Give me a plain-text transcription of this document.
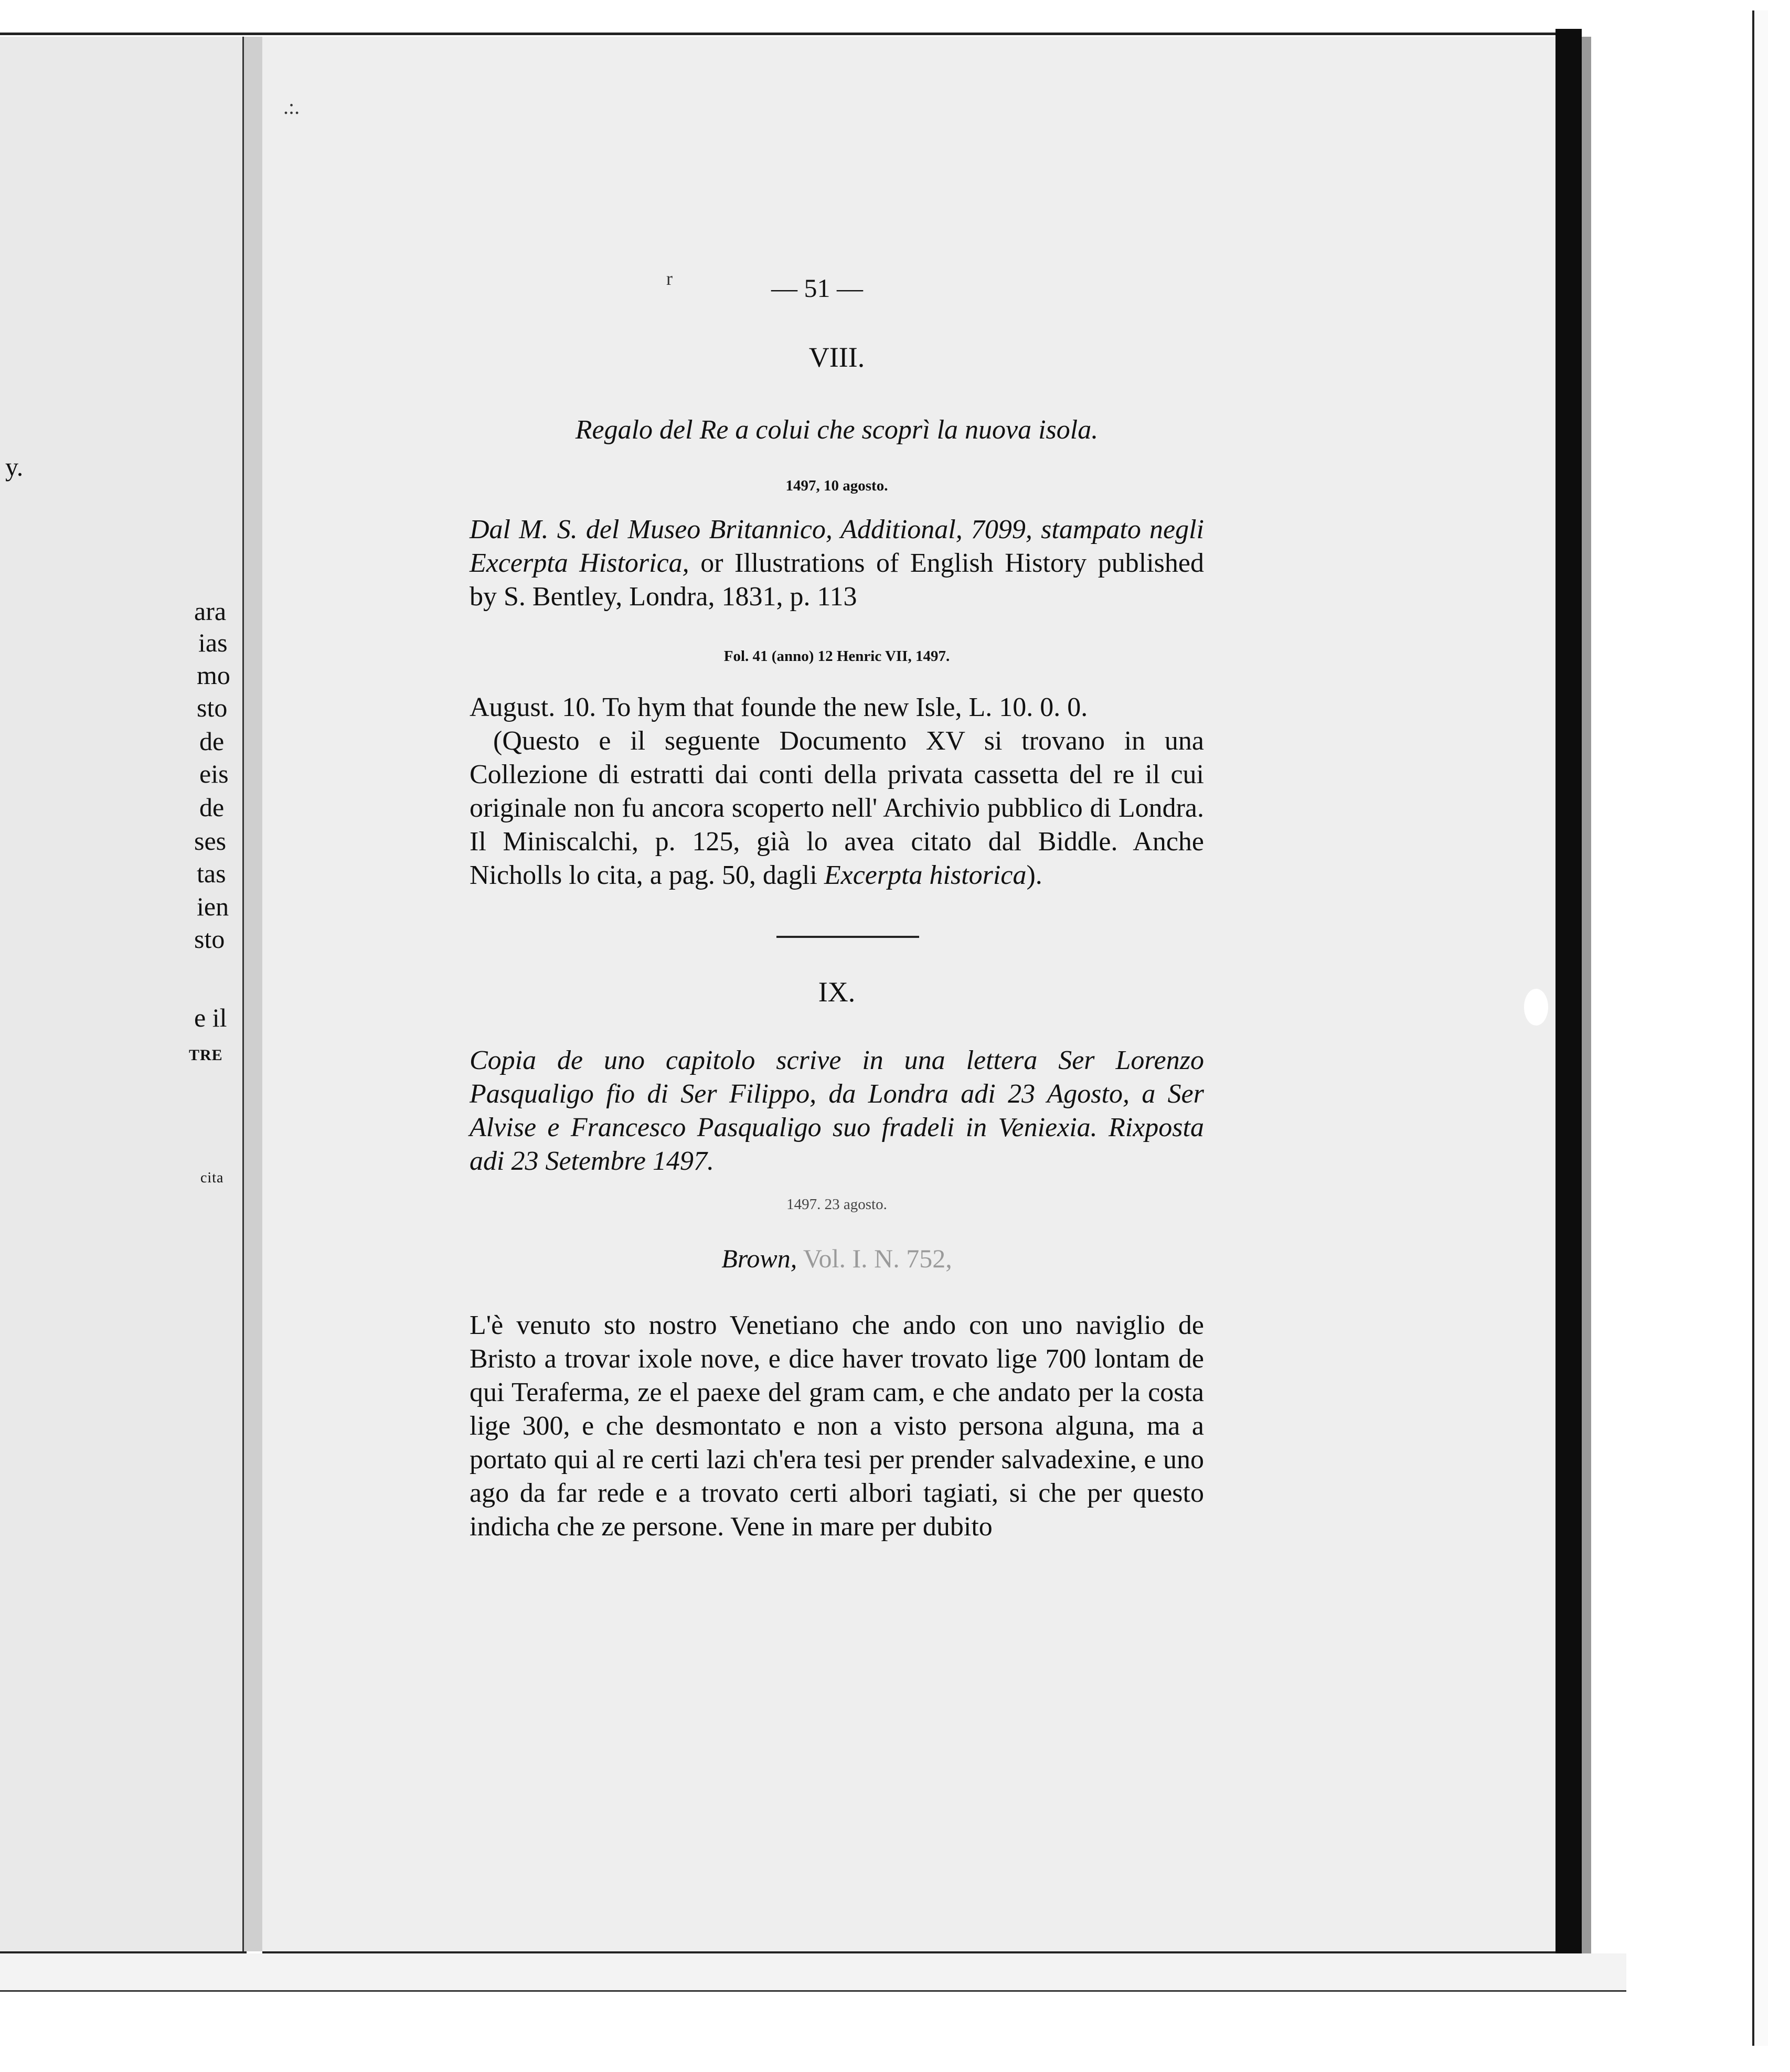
y.
ara
ias
mo
sto
de
eis
de
ses
tas
ien
sto
e il
TRE
cita
.:.
r	— 51 —
VIII.
Regalo del Re a colui che scoprì la nuova isola.
1497, 10 agosto.
Dal M. S. del Museo Britannico, Additional, 7099, stampato negli Excerpta Historica, or Illustrations of English History published by S. Bentley, Londra, 1831, p. 113
Fol. 41 (anno) 12 Henric VII, 1497.
August. 10. To hym that founde the new Isle, L. 10. 0. 0.
(Questo e il seguente Documento XV si trovano in una Collezione di estratti dai conti della privata cassetta del re il cui originale non fu ancora scoperto nell' Archivio pubblico di Londra. Il Miniscalchi, p. 125, già lo avea citato dal Biddle. Anche Nicholls lo cita, a pag. 50, dagli Excerpta historica).
IX.
Copia de uno capitolo scrive in una lettera Ser Lorenzo Pasqualigo fio di Ser Filippo, da Londra adi 23 Agosto, a Ser Alvise e Francesco Pasqualigo suo fradeli in Veniexia. Rixposta adi 23 Setembre 1497.
1497. 23 agosto.
Brown, Vol. I. N. 752,
L'è venuto sto nostro Venetiano che ando con uno naviglio de Bristo a trovar ixole nove, e dice haver trovato lige 700 lontam de qui Teraferma, ze el paexe del gram cam, e che andato per la costa lige 300, e che desmontato e non a visto persona alguna, ma a portato qui al re certi lazi ch'era tesi per prender salvadexine, e uno ago da far rede e a trovato certi albori tagiati, si che per questo indicha che ze persone. Vene in mare per dubito
